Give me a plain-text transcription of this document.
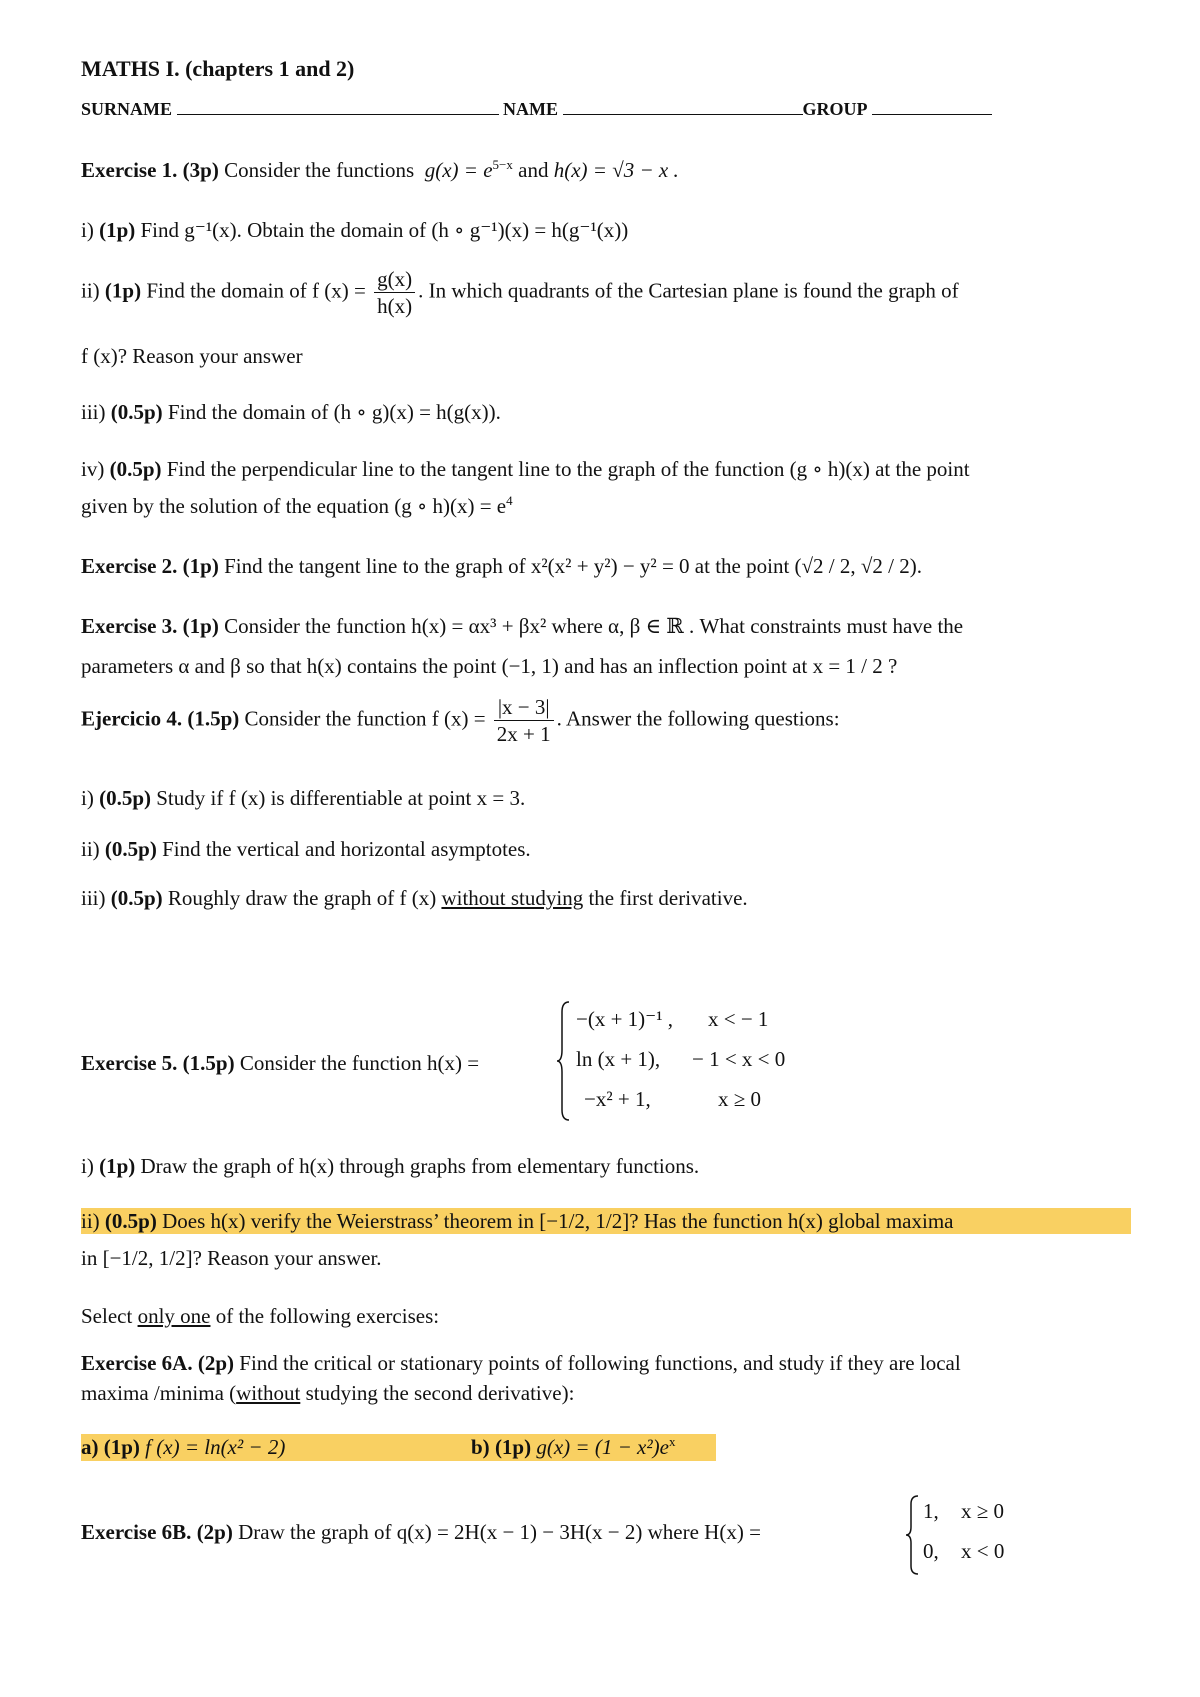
MATHS I. (chapters 1 and 2)
SURNAME	NAME	GROUP
Exercise 1. (3p) Consider the functions $g(x) = e^{5-x}$ and h(x) = √3 − x .
i) (1p) Find g⁻¹(x). Obtain the domain of (h ∘ g⁻¹)(x) = h(g⁻¹(x))
ii) (1p) Find the domain of f $(x) = \frac{g(x)}{h(x)}$ . In which quadrants of the Cartesian plane is found the graph of
f (x)? Reason your answer
iii) (0.5p) Find the domain of (h ∘ g)(x) = h(g(x)).
iv) (0.5p) Find the perpendicular line to the tangent line to the graph of the function (g ∘ h)(x) at the point
given by the solution of the equation (g ∘ $h)(x) = e^4$
Exercise 2. (1p) Find the tangent line to the graph of x²(x² + y²) − y² = 0 at the point (√2 / 2, √2 / 2).
Exercise 3. (1p) Consider the function h(x) = αx³ + βx² where α, β ∈ ℝ . What constraints must have the
parameters α and β so that h(x) contains the point (−1, 1) and has an inflection point at x = 1 / 2 ?
Ejercicio 4. (1.5p) Consider the function f $(x) = \frac{|x - 3|}{2x + 1}$ . Answer the following questions:
i) (0.5p) Study if f (x) is differentiable at point x = 3.
ii) (0.5p) Find the vertical and horizontal asymptotes.
iii) (0.5p) Roughly draw the graph of f (x) without studying the first derivative.
Exercise 5. (1.5p) Consider the function h(x) =
−(x + 1)⁻¹ , x < − 1
ln (x + 1), − 1 < x < 0
−x² + 1,	x ≥ 0
i) (1p) Draw the graph of h(x) through graphs from elementary functions.
ii) (0.5p) Does h(x) verify the Weierstrass’ theorem in [−1/2, 1/2]? Has the function h(x) global maxima
in [−1/2, 1/2]? Reason your answer.
Select only one of the following exercises:
Exercise 6A. (2p) Find the critical or stationary points of following functions, and study if they are local
maxima /minima (without studying the second derivative):
a) (1p) f (x) = ln(x² − 2)	b) (1p) $g(x) = (1 - x^2)e^x$
Exercise 6B. (2p) Draw the graph of q(x) = 2H(x − 1) − 3H(x − 2) where H(x) =
1, x ≥ 0
0, x < 0
